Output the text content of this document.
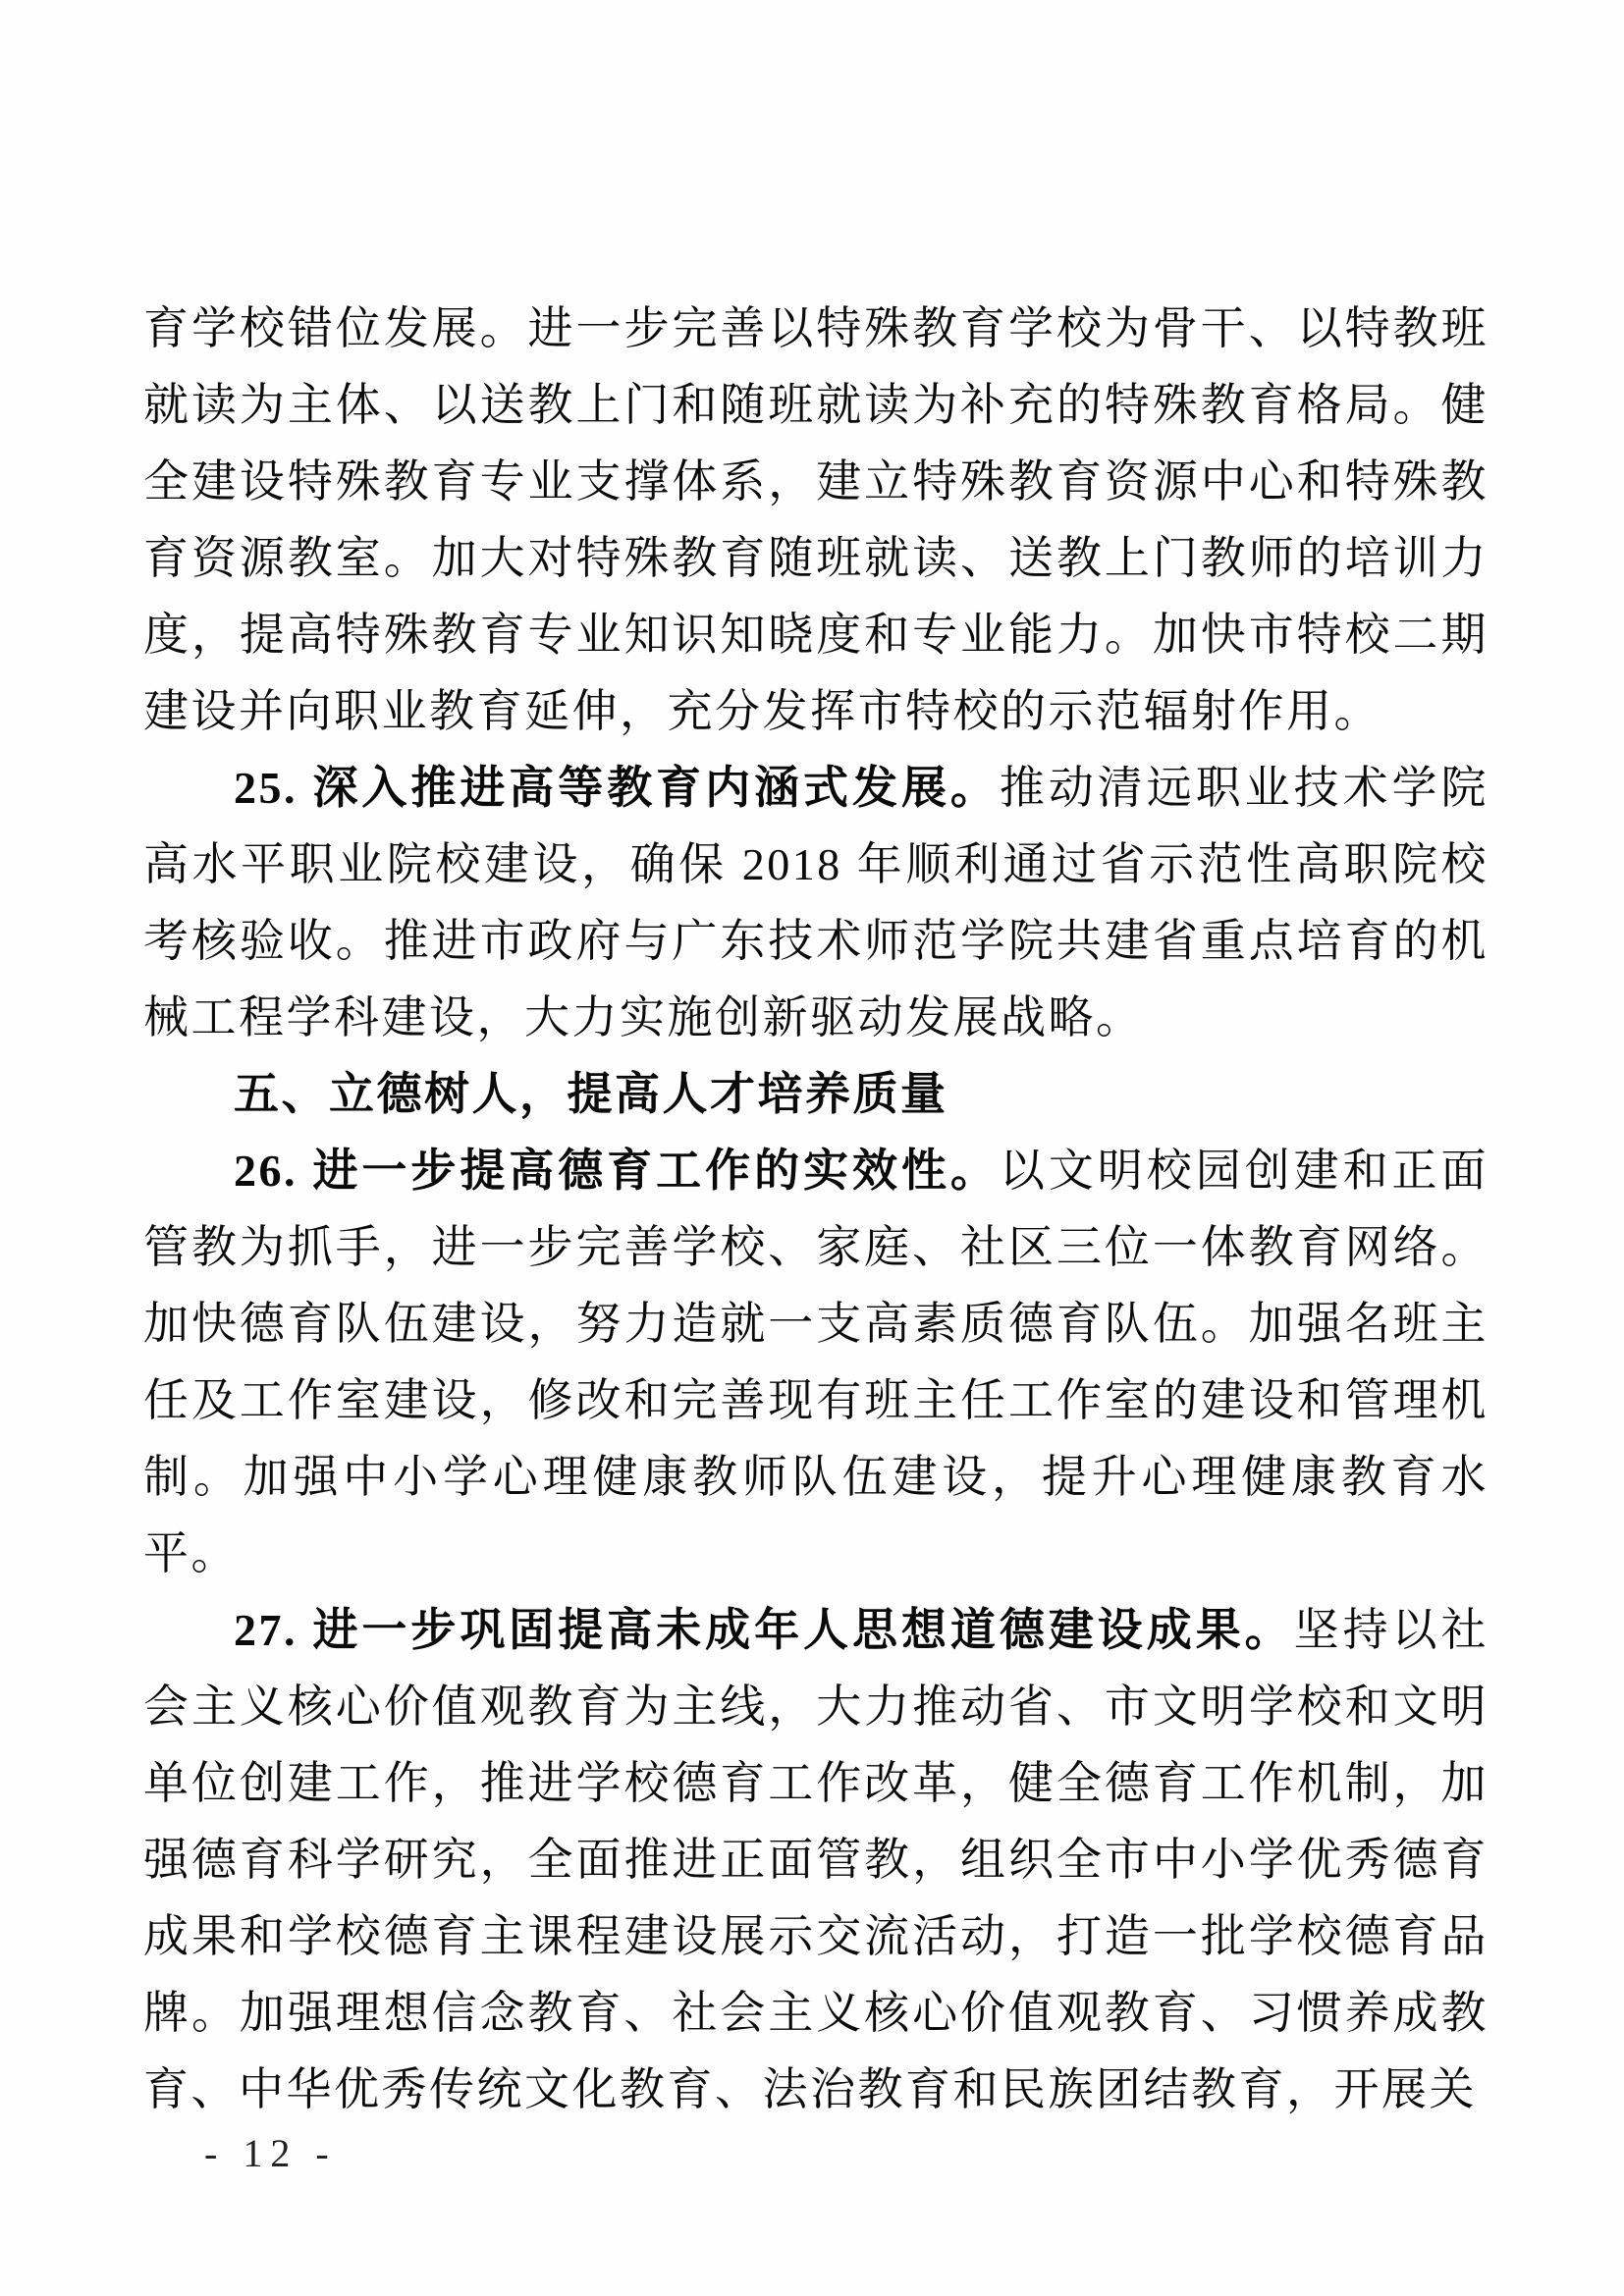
育学校错位发展。进一步完善以特殊教育学校为骨干、以特教班就读为主体、以送教上门和随班就读为补充的特殊教育格局。健全建设特殊教育专业支撑体系，建立特殊教育资源中心和特殊教育资源教室。加大对特殊教育随班就读、送教上门教师的培训力度，提高特殊教育专业知识知晓度和专业能力。加快市特校二期建设并向职业教育延伸，充分发挥市特校的示范辐射作用。

25. 深入推进高等教育内涵式发展。推动清远职业技术学院高水平职业院校建设，确保 2018 年顺利通过省示范性高职院校考核验收。推进市政府与广东技术师范学院共建省重点培育的机械工程学科建设，大力实施创新驱动发展战略。

五、立德树人，提高人才培养质量

26. 进一步提高德育工作的实效性。以文明校园创建和正面管教为抓手，进一步完善学校、家庭、社区三位一体教育网络。加快德育队伍建设，努力造就一支高素质德育队伍。加强名班主任及工作室建设，修改和完善现有班主任工作室的建设和管理机制。加强中小学心理健康教师队伍建设，提升心理健康教育水平。

27. 进一步巩固提高未成年人思想道德建设成果。坚持以社会主义核心价值观教育为主线，大力推动省、市文明学校和文明单位创建工作，推进学校德育工作改革，健全德育工作机制，加强德育科学研究，全面推进正面管教，组织全市中小学优秀德育成果和学校德育主课程建设展示交流活动，打造一批学校德育品牌。加强理想信念教育、社会主义核心价值观教育、习惯养成教育、中华优秀传统文化教育、法治教育和民族团结教育，开展关

- 12 -
